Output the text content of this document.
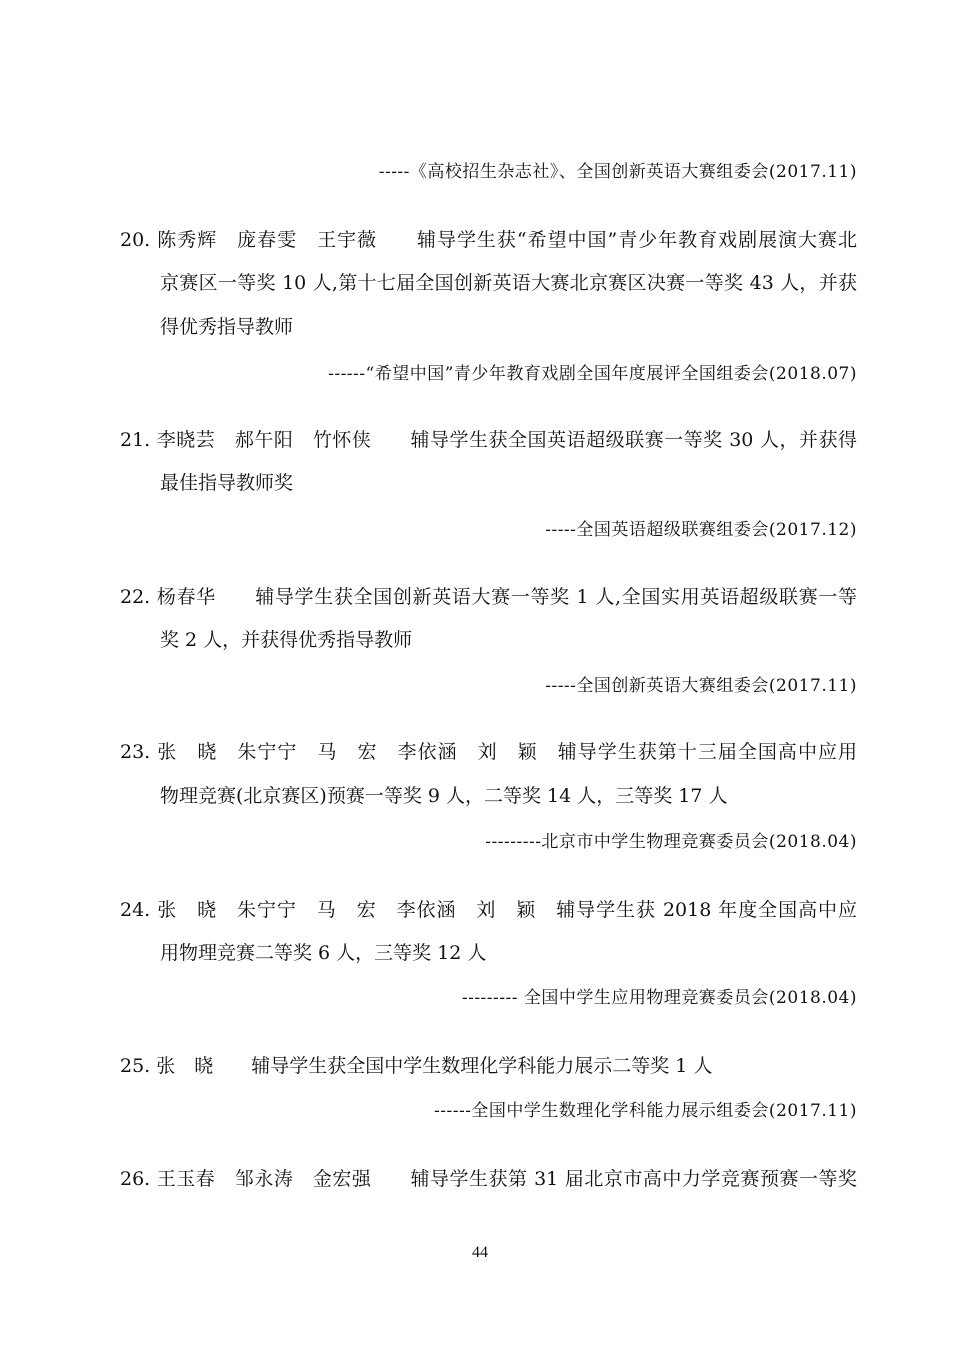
-----《高校招生杂志社》、全国创新英语大赛组委会(2017.11)
20. 陈秀辉　庞春雯　王宇薇　　辅导学生获“希望中国”青少年教育戏剧展演大赛北
京赛区一等奖 10 人,第十七届全国创新英语大赛北京赛区决赛一等奖 43 人，并获
得优秀指导教师
------“希望中国”青少年教育戏剧全国年度展评全国组委会(2018.07)
21. 李晓芸　郝午阳　竹怀侠　　辅导学生获全国英语超级联赛一等奖 30 人，并获得
最佳指导教师奖
-----全国英语超级联赛组委会(2017.12)
22. 杨春华　　辅导学生获全国创新英语大赛一等奖 1 人,全国实用英语超级联赛一等
奖 2 人，并获得优秀指导教师
-----全国创新英语大赛组委会(2017.11)
23. 张　晓　朱宁宁　马　宏　李依涵　刘　颖　辅导学生获第十三届全国高中应用
物理竞赛(北京赛区)预赛一等奖 9 人，二等奖 14 人，三等奖 17 人
---------北京市中学生物理竞赛委员会(2018.04)
24. 张　晓　朱宁宁　马　宏　李依涵　刘　颖　辅导学生获 2018 年度全国高中应
用物理竞赛二等奖 6 人，三等奖 12 人
--------- 全国中学生应用物理竞赛委员会(2018.04)
25. 张　晓　　辅导学生获全国中学生数理化学科能力展示二等奖 1 人
------全国中学生数理化学科能力展示组委会(2017.11)
26. 王玉春　邹永涛　金宏强　　辅导学生获第 31 届北京市高中力学竞赛预赛一等奖
44
